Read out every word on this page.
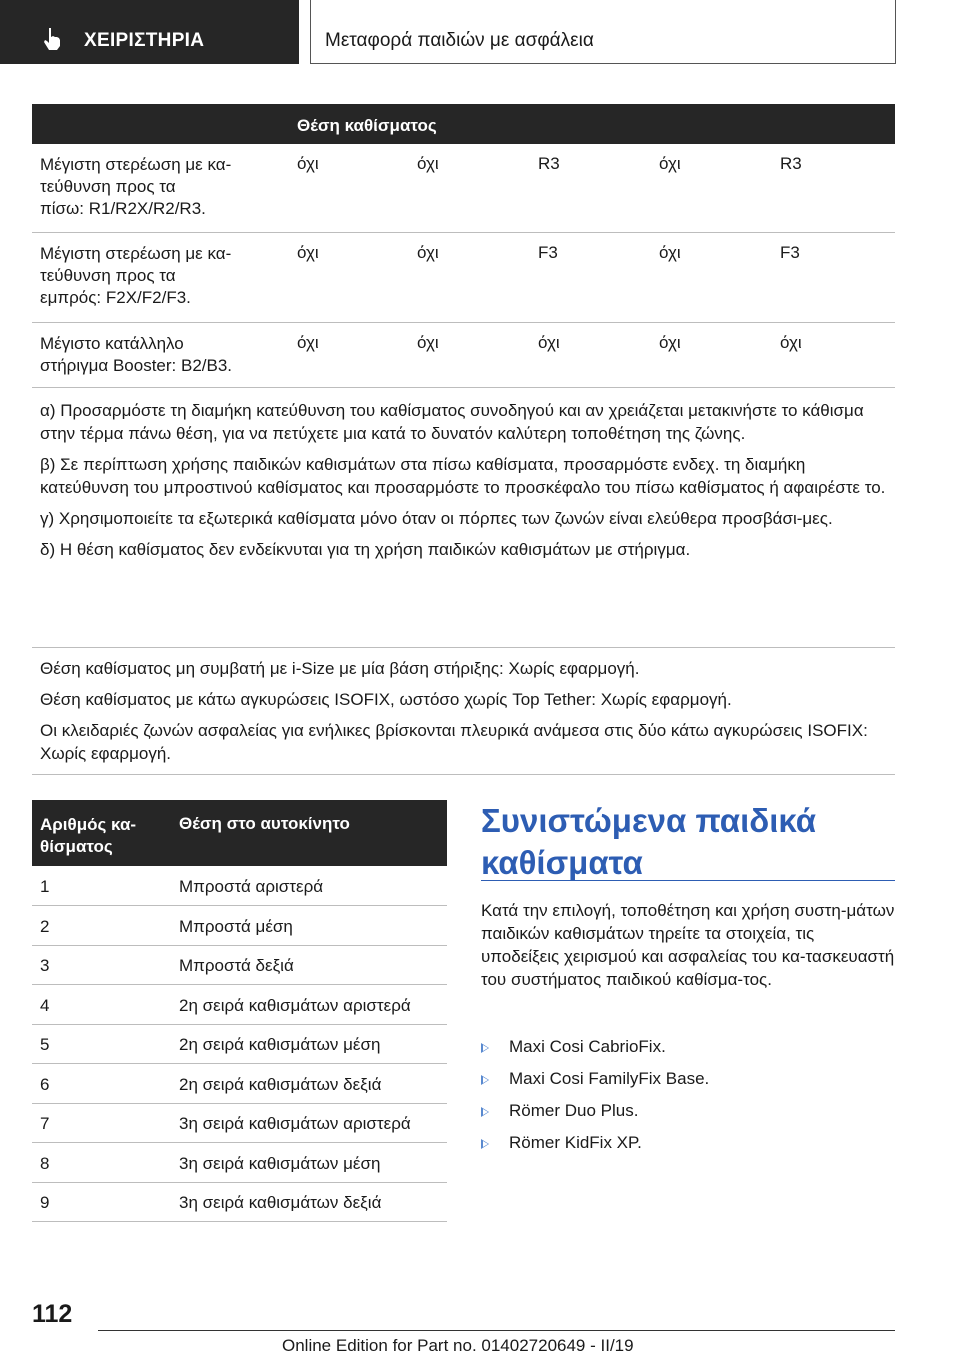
ΧΕΙΡΙΣΤΗΡΙΑ	Μεταφορά παιδιών με ασφάλεια
Θέση καθίσματος
Μέγιστη στερέωση με κα-
τεύθυνση προς τα
πίσω: R1/R2X/R2/R3.
όχι	όχι	R3	όχι	R3
Μέγιστη στερέωση με κα-
τεύθυνση προς τα
εμπρός: F2X/F2/F3.
όχι	όχι	F3	όχι	F3
Μέγιστο κατάλληλο
στήριγμα Booster: B2/B3.
όχι	όχι	όχι	όχι	όχι

α) Προσαρμόστε τη διαμήκη κατεύθυνση του καθίσματος συνοδηγού και αν χρειάζεται μετακινήστε το κάθισμα στην τέρμα πάνω θέση, για να πετύχετε μια κατά το δυνατόν καλύτερη τοποθέτηση της ζώνης.

β) Σε περίπτωση χρήσης παιδικών καθισμάτων στα πίσω καθίσματα, προσαρμόστε ενδεχ. τη διαμήκη κατεύθυνση του μπροστινού καθίσματος και προσαρμόστε το προσκέφαλο του πίσω καθίσματος ή αφαιρέστε το.

γ) Χρησιμοποιείτε τα εξωτερικά καθίσματα μόνο όταν οι πόρπες των ζωνών είναι ελεύθερα προσβάσι-μες.

δ) Η θέση καθίσματος δεν ενδείκνυται για τη χρήση παιδικών καθισμάτων με στήριγμα.

Θέση καθίσματος μη συμβατή με i-Size με μία βάση στήριξης: Χωρίς εφαρμογή.

Θέση καθίσματος με κάτω αγκυρώσεις ISOFIX, ωστόσο χωρίς Top Tether: Χωρίς εφαρμογή.

Οι κλειδαριές ζωνών ασφαλείας για ενήλικες βρίσκονται πλευρικά ανάμεσα στις δύο κάτω αγκυρώσεις ISOFIX: Χωρίς εφαρμογή.

Αριθμός κα-
θίσματος
Θέση στο αυτοκίνητο
1	Μπροστά αριστερά
2	Μπροστά μέση
3	Μπροστά δεξιά
4	2η σειρά καθισμάτων αριστερά
5	2η σειρά καθισμάτων μέση
6	2η σειρά καθισμάτων δεξιά
7	3η σειρά καθισμάτων αριστερά
8	3η σειρά καθισμάτων μέση
9	3η σειρά καθισμάτων δεξιά
Συνιστώμενα παιδικά καθίσματα
Κατά την επιλογή, τοποθέτηση και χρήση συστη-μάτων παιδικών καθισμάτων τηρείτε τα στοιχεία, τις υποδείξεις χειρισμού και ασφαλείας του κα-τασκευαστή του συστήματος παιδικού καθίσμα-τος.
Maxi Cosi CabrioFix.
Maxi Cosi FamilyFix Base.
Römer Duo Plus.
Römer KidFix XP.
112
Online Edition for Part no. 01402720649 - II/19
